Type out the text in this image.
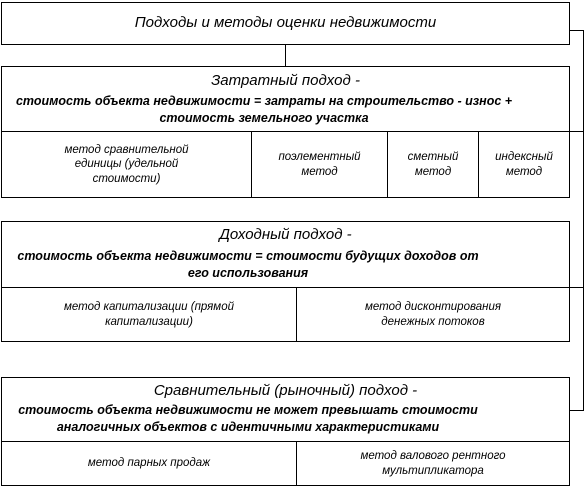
Подходы и методы оценки недвижимости
Затратный подход -
стоимость объекта недвижимости = затраты на строительство - износ + стоимость земельного участка
метод сравнительной единицы (удельной стоимости)
поэлементный метод
сметный метод
индексный метод
Доходный подход -
стоимость объекта недвижимости = стоимости будущих доходов от его использования
метод капитализации (прямой капитализации)
метод дисконтирования денежных потоков
Сравнительный (рыночный) подход -
стоимость объекта недвижимости не может превышать стоимости аналогичных объектов с идентичными характеристиками
метод парных продаж
метод валового рентного мультипликатора
